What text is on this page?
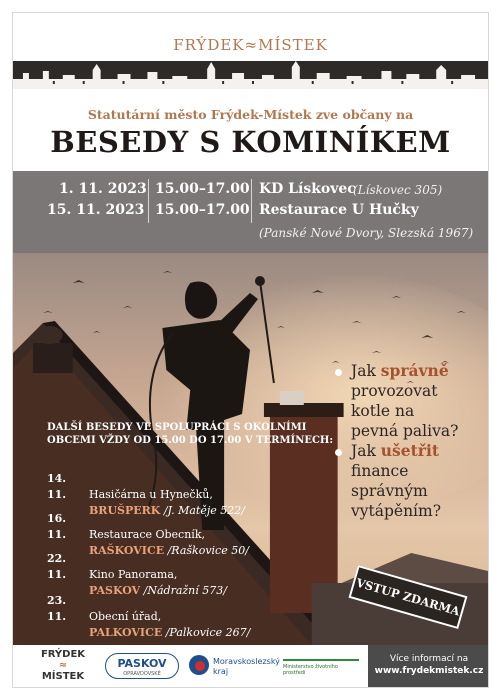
FRÝDEK≈MÍSTEK
Statutární město Frýdek-Místek zve občany na
BESEDY S KOMINÍKEM
1. 11. 2023 15.00–17.00 KD Lískovec
(Lískovec 305)
15. 11. 2023 15.00–17.00 Restaurace U Hučky
(Panské Nové Dvory, Slezská 1967)
Jak správně
provozovat
kotle na
pevná paliva?
Jak ušetřit
finance
správným
vytápěním?
DALŠÍ BESEDY VE SPOLUPRÁCI S OKOLNÍMI OBCEMI VŽDY OD 15.00 DO 17.00 V TERMÍNECH:
14. 11. Hasičárna u Hynečků,
BRUŠPERK /J. Matěje 522/
16. 11. Restaurace Obecník,
RAŠKOVICE /Raškovice 50/
22. 11. Kino Panorama,
PASKOV /Nádražní 573/
23. 11. Obecní úřad,
PALKOVICE /Palkovice 267/
VSTUP ZDARMA
FRÝDEK
≈
MÍSTEK
PASKOV
OPRAVDOVSKÉ
Moravskoslezský
kraj	Ministerstvo životního prostředí
Více informací na
www.frydekmistek.cz
